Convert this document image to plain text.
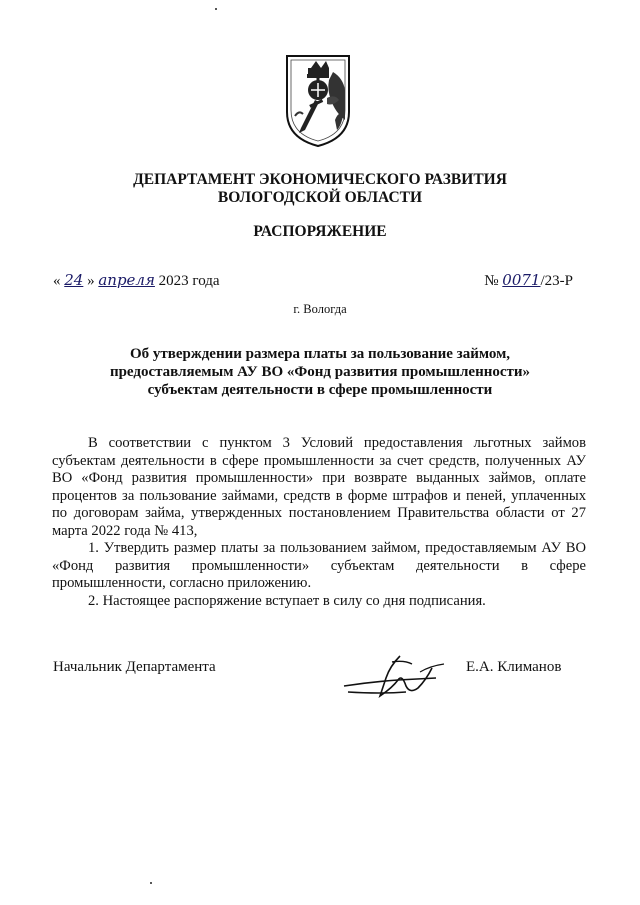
ДЕПАРТАМЕНТ ЭКОНОМИЧЕСКОГО РАЗВИТИЯ
ВОЛОГОДСКОЙ ОБЛАСТИ
РАСПОРЯЖЕНИЕ
« 24 » апреля 2023 года	№ 0071/23-Р
г. Вологда
Об утверждении размера платы за пользование займом,
предоставляемым АУ ВО «Фонд развития промышленности»
субъектам деятельности в сфере промышленности

В соответствии с пунктом 3 Условий предоставления льготных займов субъектам деятельности в сфере промышленности за счет средств, полученных АУ ВО «Фонд развития промышленности» при возврате выданных займов, оплате процентов за пользование займами, средств в форме штрафов и пеней, уплаченных по договорам займа, утвержденных постановлением Правительства области от 27 марта 2022 года № 413,

1. Утвердить размер платы за пользованием займом, предоставляемым АУ ВО «Фонд развития промышленности» субъектам деятельности в сфере промышленности, согласно приложению.

2. Настоящее распоряжение вступает в силу со дня подписания.

Начальник Департамента	Е.А. Климанов
